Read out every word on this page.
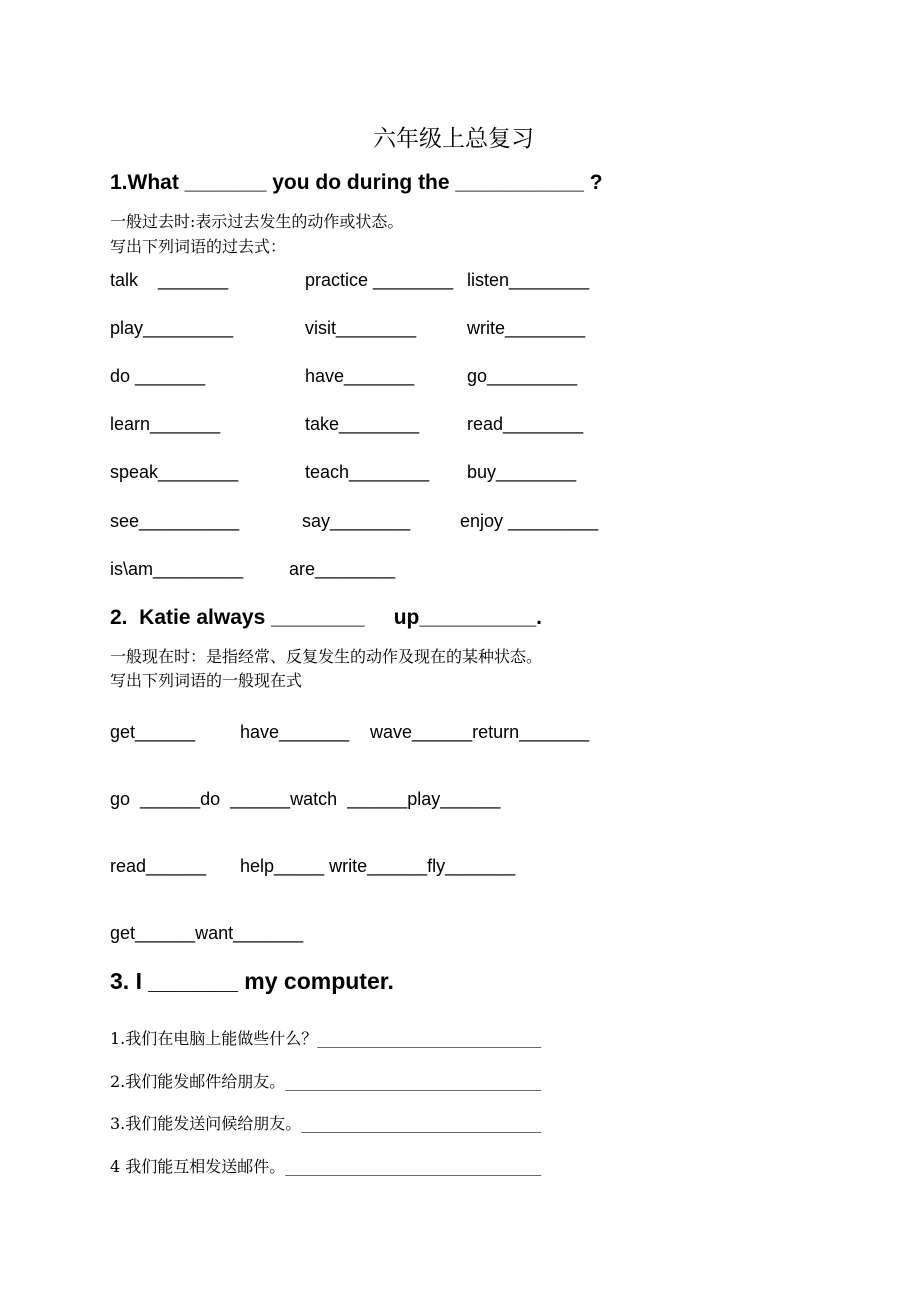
六年级上总复习
1.What _______ you do during the ___________ ?
一般过去时:表示过去发生的动作或状态。
写出下列词语的过去式：
talk    _______	practice ________ listen________
play_________	visit________	write________
do _______	have_______	go_________
learn_______	take________	read________
speak________	teach________ buy________
see__________	say________	enjoy _________
is\am_________	are________
2.  Katie always ________     up__________.
一般现在时：是指经常、反复发生的动作及现在的某种状态。
写出下列词语的一般现在式
get______ have_______ wave______return_______
go  ______do  ______watch  ______play______
read______ help_____ write______fly_______
get______want_______
3. I _______ my computer.
1.我们在电脑上能做些什么？____________________________
2.我们能发邮件给朋友。________________________________
3.我们能发送问候给朋友。______________________________
4 我们能互相发送邮件。________________________________
